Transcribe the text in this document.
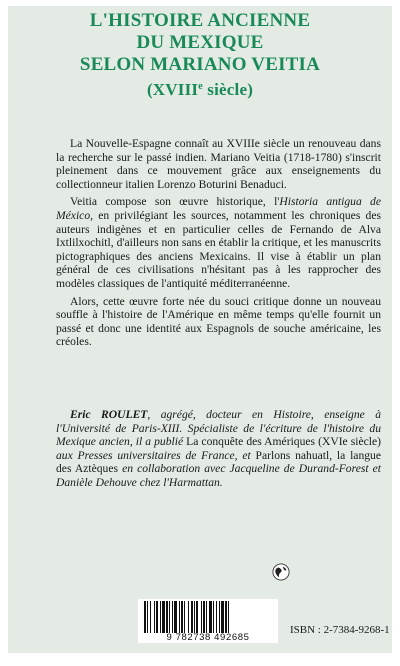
L'HISTOIRE ANCIENNE
DU MEXIQUE
SELON MARIANO VEITIA
(XVIIIe siècle)

La Nouvelle-Espagne connaît au XVIIIe siècle un renouveau dans la recherche sur le passé indien. Mariano Veitia (1718-1780) s'inscrit pleinement dans ce mouvement grâce aux enseignements du collectionneur italien Lorenzo Boturini Benaduci.

Veitia compose son œuvre historique, l'Historia antigua de México, en privilégiant les sources, notamment les chroniques des auteurs indigènes et en particulier celles de Fernando de Alva Ixtlilxochitl, d'ailleurs non sans en établir la critique, et les manuscrits pictographiques des anciens Mexicains. Il vise à établir un plan général de ces civilisations n'hésitant pas à les rapprocher des modèles classiques de l'antiquité méditerranéenne.

Alors, cette œuvre forte née du souci critique donne un nouveau souffle à l'histoire de l'Amérique en même temps qu'elle fournit un passé et donc une identité aux Espagnols de souche américaine, les créoles.

Eric ROULET, agrégé, docteur en Histoire, enseigne à l'Université de Paris-XIII. Spécialiste de l'écriture de l'histoire du Mexique ancien, il a publié La conquête des Amériques (XVIe siècle) aux Presses universitaires de France, et Parlons nahuatl, la langue des Aztèques en collaboration avec Jacqueline de Durand-Forest et Danièle Dehouve chez l'Harmattan.
9 782738 492685
ISBN : 2-7384-9268-1
